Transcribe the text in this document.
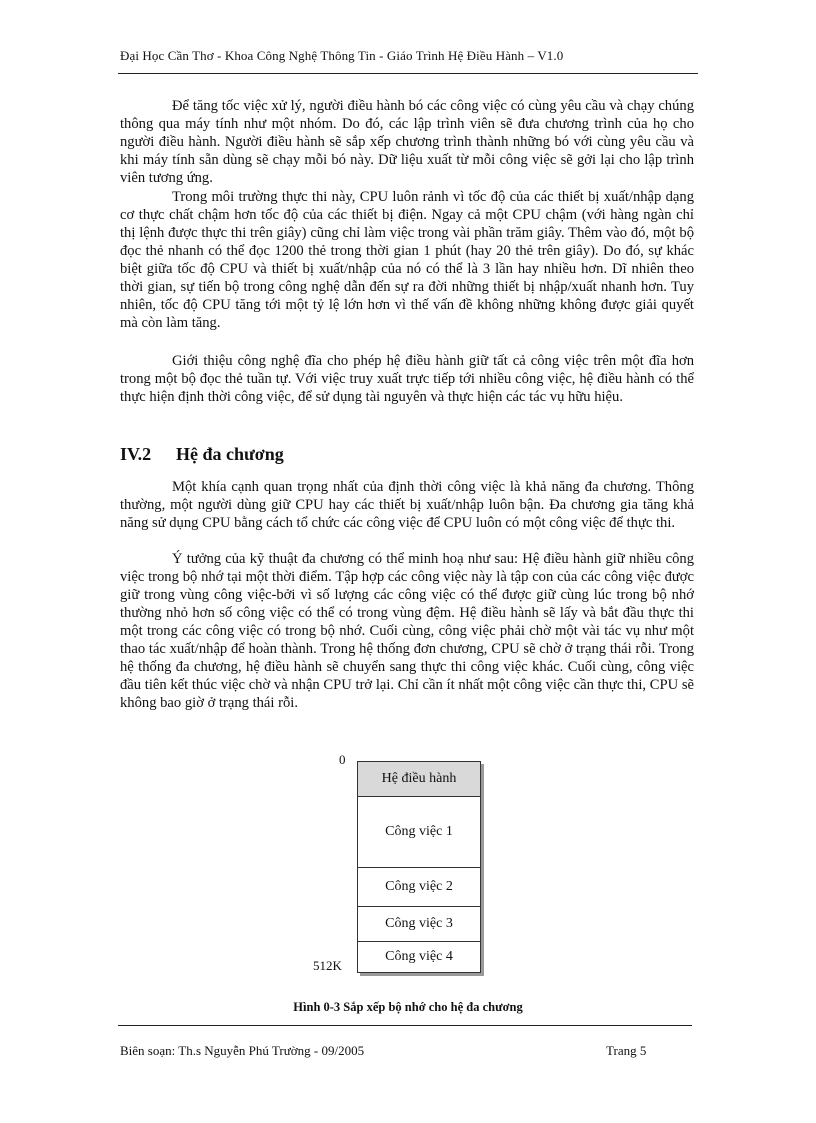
Đại Học Cần Thơ - Khoa Công Nghệ Thông Tin - Giáo Trình Hệ Điều Hành – V1.0

Để tăng tốc việc xử lý, người điều hành bó các công việc có cùng yêu cầu và chạy chúng thông qua máy tính như một nhóm. Do đó, các lập trình viên sẽ đưa chương trình của họ cho người điều hành. Người điều hành sẽ sắp xếp chương trình thành những bó với cùng yêu cầu và khi máy tính sẵn dùng sẽ chạy mỗi bó này. Dữ liệu xuất từ mỗi công việc sẽ gởi lại cho lập trình viên tương ứng.

Trong môi trường thực thi này, CPU luôn rảnh vì tốc độ của các thiết bị xuất/nhập dạng cơ thực chất chậm hơn tốc độ của các thiết bị điện. Ngay cả một CPU chậm (với hàng ngàn chỉ thị lệnh được thực thi trên giây) cũng chỉ làm việc trong vài phần trăm giây. Thêm vào đó, một bộ đọc thẻ nhanh có thể đọc 1200 thẻ trong thời gian 1 phút (hay 20 thẻ trên giây). Do đó, sự khác biệt giữa tốc độ CPU và thiết bị xuất/nhập của nó có thể là 3 lần hay nhiều hơn. Dĩ nhiên theo thời gian, sự tiến bộ trong công nghệ dẫn đến sự ra đời những thiết bị nhập/xuất nhanh hơn. Tuy nhiên, tốc độ CPU tăng tới một tỷ lệ lớn hơn vì thế vấn đề không những không được giải quyết mà còn làm tăng.

Giới thiệu công nghệ đĩa cho phép hệ điều hành giữ tất cả công việc trên một đĩa hơn trong một bộ đọc thẻ tuần tự. Với việc truy xuất trực tiếp tới nhiều công việc, hệ điều hành có thể thực hiện định thời công việc, để sử dụng tài nguyên và thực hiện các tác vụ hữu hiệu.

IV.2 Hệ đa chương

Một khía cạnh quan trọng nhất của định thời công việc là khả năng đa chương. Thông thường, một người dùng giữ CPU hay các thiết bị xuất/nhập luôn bận. Đa chương gia tăng khả năng sử dụng CPU bằng cách tổ chức các công việc để CPU luôn có một công việc để thực thi.

Ý tưởng của kỹ thuật đa chương có thể minh hoạ như sau: Hệ điều hành giữ nhiều công việc trong bộ nhớ tại một thời điểm. Tập hợp các công việc này là tập con của các công việc được giữ trong vùng công việc-bởi vì số lượng các công việc có thể được giữ cùng lúc trong bộ nhớ thường nhỏ hơn số công việc có thể có trong vùng đệm. Hệ điều hành sẽ lấy và bắt đầu thực thi một trong các công việc có trong bộ nhớ. Cuối cùng, công việc phải chờ một vài tác vụ như một thao tác xuất/nhập để hoàn thành. Trong hệ thống đơn chương, CPU sẽ chờ ở trạng thái rỗi. Trong hệ thống đa chương, hệ điều hành sẽ chuyển sang thực thi công việc khác. Cuối cùng, công việc đầu tiên kết thúc việc chờ và nhận CPU trở lại. Chỉ cần ít nhất một công việc cần thực thi, CPU sẽ không bao giờ ở trạng thái rỗi.

0
512K
Hệ điều hành
Công việc 1
Công việc 2
Công việc 3
Công việc 4
Hình 0-3 Sắp xếp bộ nhớ cho hệ đa chương
Biên soạn: Th.s Nguyễn Phú Trường - 09/2005	Trang 5
